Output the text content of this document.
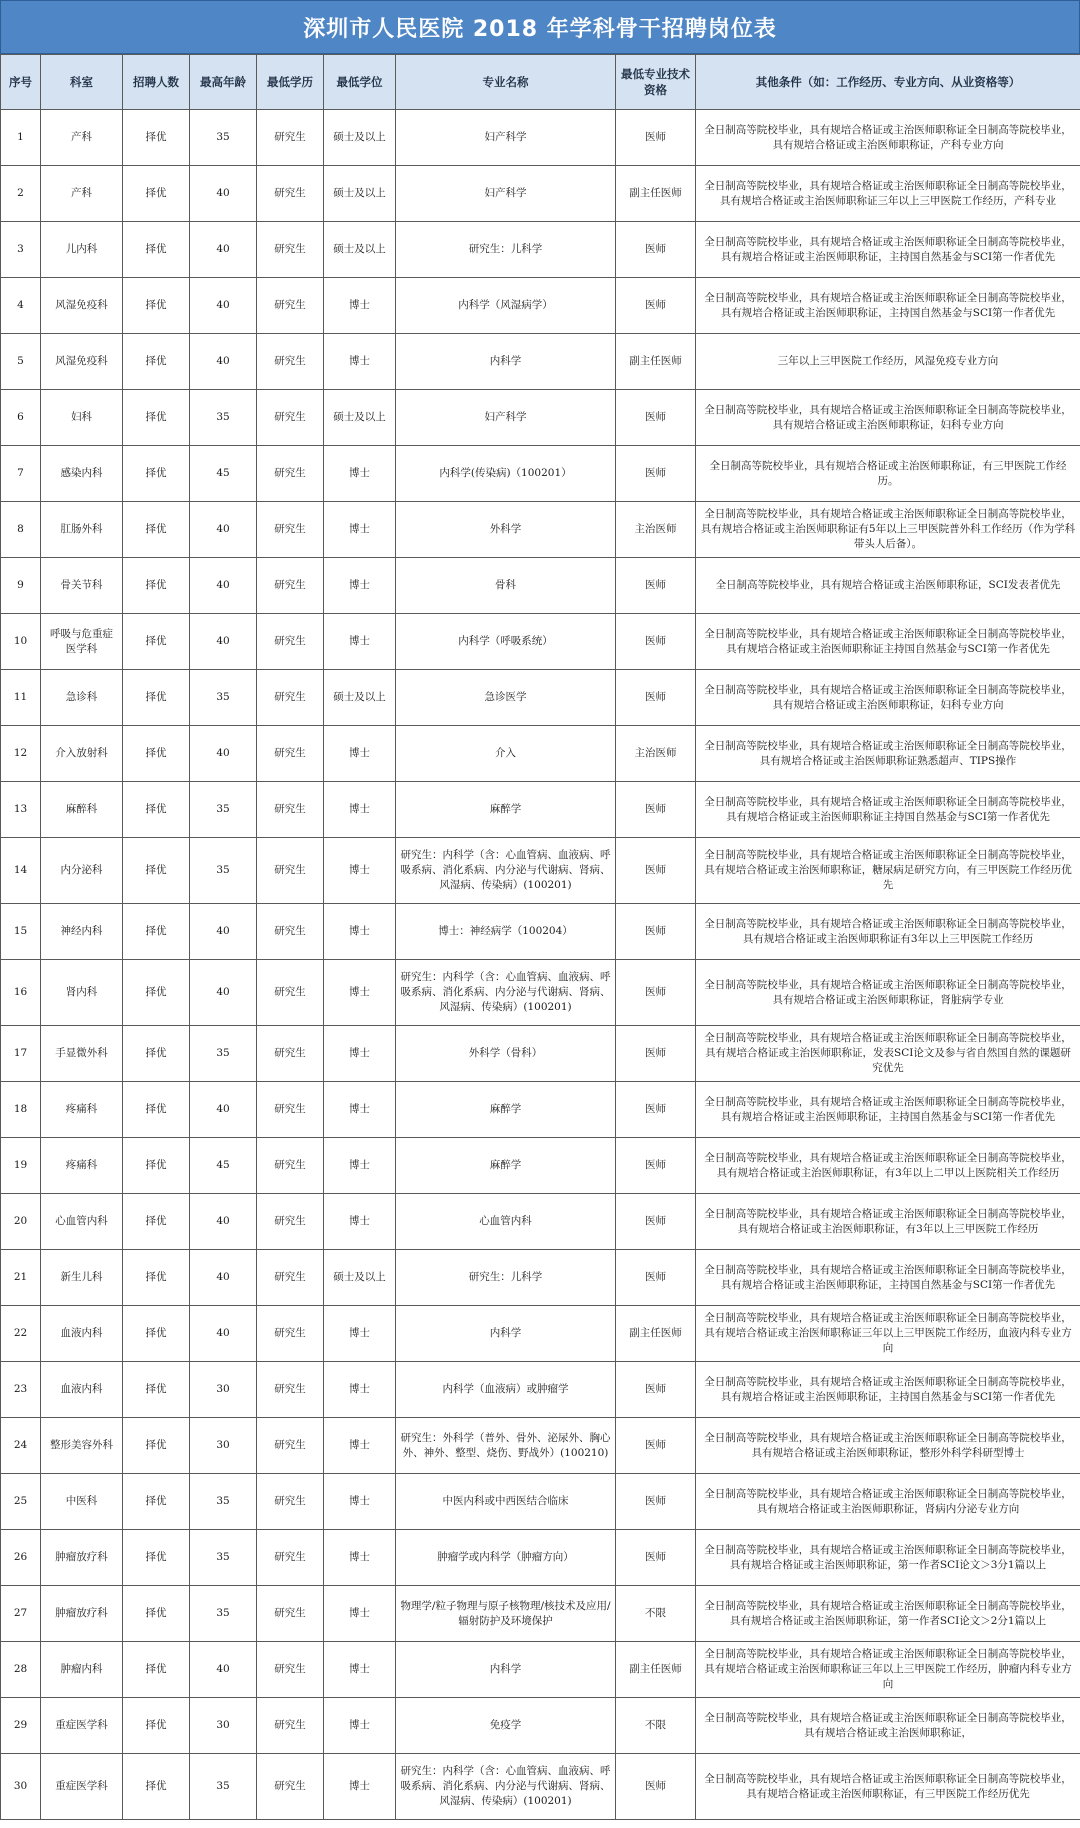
深圳市人民医院 2018 年学科骨干招聘岗位表
序号	科室	招聘人数	最高年龄	最低学历	最低学位	专业名称	最低专业技术资格	其他条件（如：工作经历、专业方向、从业资格等）
1	产科	择优	35	研究生	硕士及以上	妇产科学	医师	全日制高等院校毕业，具有规培合格证或主治医师职称证全日制高等院校毕业，具有规培合格证或主治医师职称证，产科专业方向
2	产科	择优	40	研究生	硕士及以上	妇产科学	副主任医师	全日制高等院校毕业，具有规培合格证或主治医师职称证全日制高等院校毕业，具有规培合格证或主治医师职称证三年以上三甲医院工作经历，产科专业
3	儿内科	择优	40	研究生	硕士及以上	研究生：儿科学	医师	全日制高等院校毕业，具有规培合格证或主治医师职称证全日制高等院校毕业，具有规培合格证或主治医师职称证，主持国自然基金与SCI第一作者优先
4	风湿免疫科	择优	40	研究生	博士	内科学（风湿病学）	医师	全日制高等院校毕业，具有规培合格证或主治医师职称证全日制高等院校毕业，具有规培合格证或主治医师职称证，主持国自然基金与SCI第一作者优先
5	风湿免疫科	择优	40	研究生	博士	内科学	副主任医师	三年以上三甲医院工作经历，风湿免疫专业方向
6	妇科	择优	35	研究生	硕士及以上	妇产科学	医师	全日制高等院校毕业，具有规培合格证或主治医师职称证全日制高等院校毕业，具有规培合格证或主治医师职称证，妇科专业方向
7	感染内科	择优	45	研究生	博士	内科学(传染病)（100201）	医师	全日制高等院校毕业，具有规培合格证或主治医师职称证，有三甲医院工作经历。
8	肛肠外科	择优	40	研究生	博士	外科学	主治医师	全日制高等院校毕业，具有规培合格证或主治医师职称证全日制高等院校毕业，具有规培合格证或主治医师职称证有5年以上三甲医院普外科工作经历（作为学科带头人后备）。
9	骨关节科	择优	40	研究生	博士	骨科	医师	全日制高等院校毕业，具有规培合格证或主治医师职称证，SCI发表者优先
10	呼吸与危重症医学科	择优	40	研究生	博士	内科学（呼吸系统）	医师	全日制高等院校毕业，具有规培合格证或主治医师职称证全日制高等院校毕业，具有规培合格证或主治医师职称证主持国自然基金与SCI第一作者优先
11	急诊科	择优	35	研究生	硕士及以上	急诊医学	医师	全日制高等院校毕业，具有规培合格证或主治医师职称证全日制高等院校毕业，具有规培合格证或主治医师职称证，妇科专业方向
12	介入放射科	择优	40	研究生	博士	介入	主治医师	全日制高等院校毕业，具有规培合格证或主治医师职称证全日制高等院校毕业，具有规培合格证或主治医师职称证熟悉超声、TIPS操作
13	麻醉科	择优	35	研究生	博士	麻醉学	医师	全日制高等院校毕业，具有规培合格证或主治医师职称证全日制高等院校毕业，具有规培合格证或主治医师职称证主持国自然基金与SCI第一作者优先
14	内分泌科	择优	35	研究生	博士	研究生：内科学（含：心血管病、血液病、呼吸系病、消化系病、内分泌与代谢病、肾病、风湿病、传染病）(100201)	医师	全日制高等院校毕业，具有规培合格证或主治医师职称证全日制高等院校毕业，具有规培合格证或主治医师职称证，糖尿病足研究方向，有三甲医院工作经历优先
15	神经内科	择优	40	研究生	博士	博士：神经病学（100204）	医师	全日制高等院校毕业，具有规培合格证或主治医师职称证全日制高等院校毕业，具有规培合格证或主治医师职称证有3年以上三甲医院工作经历
16	肾内科	择优	40	研究生	博士	研究生：内科学（含：心血管病、血液病、呼吸系病、消化系病、内分泌与代谢病、肾病、风湿病、传染病）(100201)	医师	全日制高等院校毕业，具有规培合格证或主治医师职称证全日制高等院校毕业，具有规培合格证或主治医师职称证，肾脏病学专业
17	手显微外科	择优	35	研究生	博士	外科学（骨科）	医师	全日制高等院校毕业，具有规培合格证或主治医师职称证全日制高等院校毕业，具有规培合格证或主治医师职称证，发表SCI论文及参与省自然国自然的课题研究优先
18	疼痛科	择优	40	研究生	博士	麻醉学	医师	全日制高等院校毕业，具有规培合格证或主治医师职称证全日制高等院校毕业，具有规培合格证或主治医师职称证，主持国自然基金与SCI第一作者优先
19	疼痛科	择优	45	研究生	博士	麻醉学	医师	全日制高等院校毕业，具有规培合格证或主治医师职称证全日制高等院校毕业，具有规培合格证或主治医师职称证，有3年以上二甲以上医院相关工作经历
20	心血管内科	择优	40	研究生	博士	心血管内科	医师	全日制高等院校毕业，具有规培合格证或主治医师职称证全日制高等院校毕业，具有规培合格证或主治医师职称证，有3年以上三甲医院工作经历
21	新生儿科	择优	40	研究生	硕士及以上	研究生：儿科学	医师	全日制高等院校毕业，具有规培合格证或主治医师职称证全日制高等院校毕业，具有规培合格证或主治医师职称证，主持国自然基金与SCI第一作者优先
22	血液内科	择优	40	研究生	博士	内科学	副主任医师	全日制高等院校毕业，具有规培合格证或主治医师职称证全日制高等院校毕业，具有规培合格证或主治医师职称证三年以上三甲医院工作经历，血液内科专业方向
23	血液内科	择优	30	研究生	博士	内科学（血液病）或肿瘤学	医师	全日制高等院校毕业，具有规培合格证或主治医师职称证全日制高等院校毕业，具有规培合格证或主治医师职称证，主持国自然基金与SCI第一作者优先
24	整形美容外科	择优	30	研究生	博士	研究生：外科学（普外、骨外、泌尿外、胸心外、神外、整型、烧伤、野战外）(100210)	医师	全日制高等院校毕业，具有规培合格证或主治医师职称证全日制高等院校毕业，具有规培合格证或主治医师职称证，整形外科学科研型博士
25	中医科	择优	35	研究生	博士	中医内科或中西医结合临床	医师	全日制高等院校毕业，具有规培合格证或主治医师职称证全日制高等院校毕业，具有规培合格证或主治医师职称证，肾病内分泌专业方向
26	肿瘤放疗科	择优	35	研究生	博士	肿瘤学或内科学（肿瘤方向）	医师	全日制高等院校毕业，具有规培合格证或主治医师职称证全日制高等院校毕业，具有规培合格证或主治医师职称证，第一作者SCI论文＞3分1篇以上
27	肿瘤放疗科	择优	35	研究生	博士	物理学/粒子物理与原子核物理/核技术及应用/辐射防护及环境保护	不限	全日制高等院校毕业，具有规培合格证或主治医师职称证全日制高等院校毕业，具有规培合格证或主治医师职称证，第一作者SCI论文＞2分1篇以上
28	肿瘤内科	择优	40	研究生	博士	内科学	副主任医师	全日制高等院校毕业，具有规培合格证或主治医师职称证全日制高等院校毕业，具有规培合格证或主治医师职称证三年以上三甲医院工作经历，肿瘤内科专业方向
29	重症医学科	择优	30	研究生	博士	免疫学	不限	全日制高等院校毕业，具有规培合格证或主治医师职称证全日制高等院校毕业，具有规培合格证或主治医师职称证，
30	重症医学科	择优	35	研究生	博士	研究生：内科学（含：心血管病、血液病、呼吸系病、消化系病、内分泌与代谢病、肾病、风湿病、传染病）(100201)	医师	全日制高等院校毕业，具有规培合格证或主治医师职称证全日制高等院校毕业，具有规培合格证或主治医师职称证，有三甲医院工作经历优先
